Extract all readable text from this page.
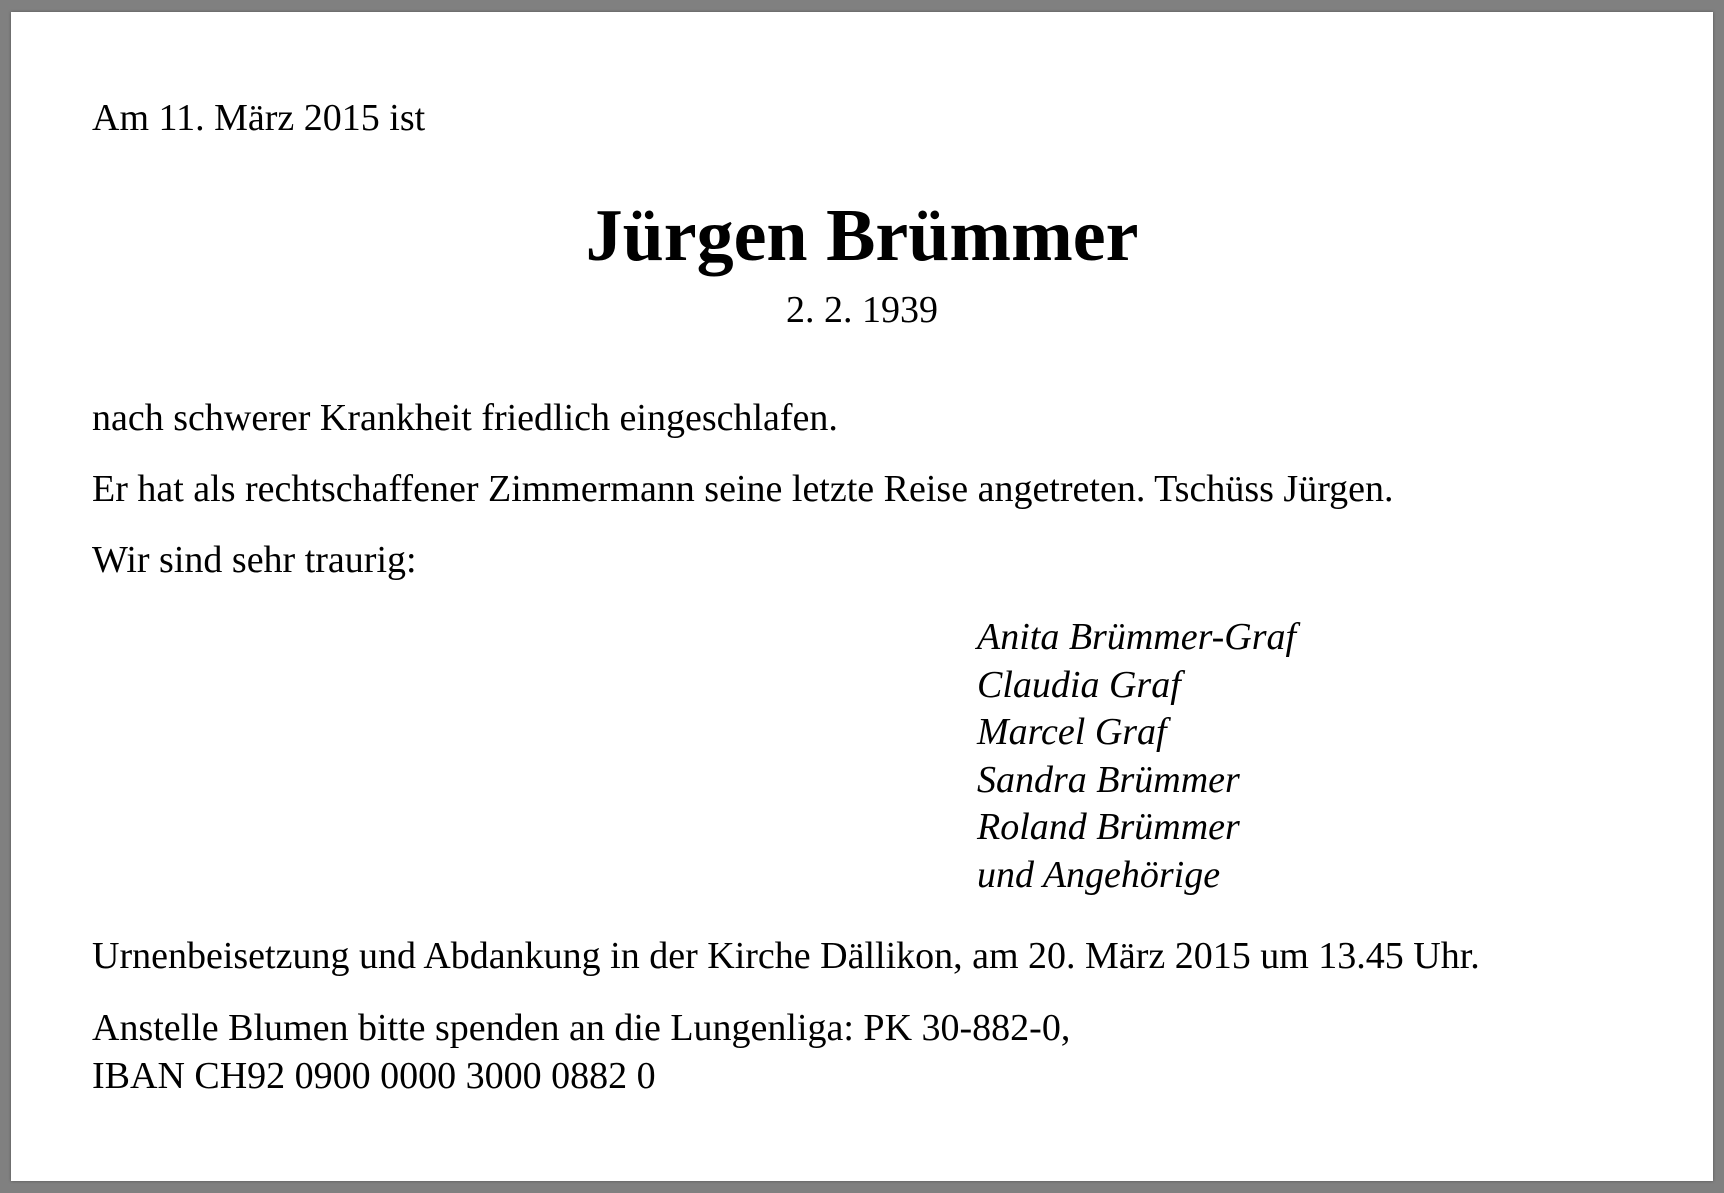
Am 11. März 2015 ist
Jürgen Brümmer
2. 2. 1939
nach schwerer Krankheit friedlich eingeschlafen.
Er hat als rechtschaffener Zimmermann seine letzte Reise angetreten. Tschüss Jürgen.
Wir sind sehr traurig:
Anita Brümmer-Graf
Claudia Graf
Marcel Graf
Sandra Brümmer
Roland Brümmer
und Angehörige
Urnenbeisetzung und Abdankung in der Kirche Dällikon, am 20. März 2015 um 13.45 Uhr.
Anstelle Blumen bitte spenden an die Lungenliga: PK 30-882-0,
IBAN CH92 0900 0000 3000 0882 0
